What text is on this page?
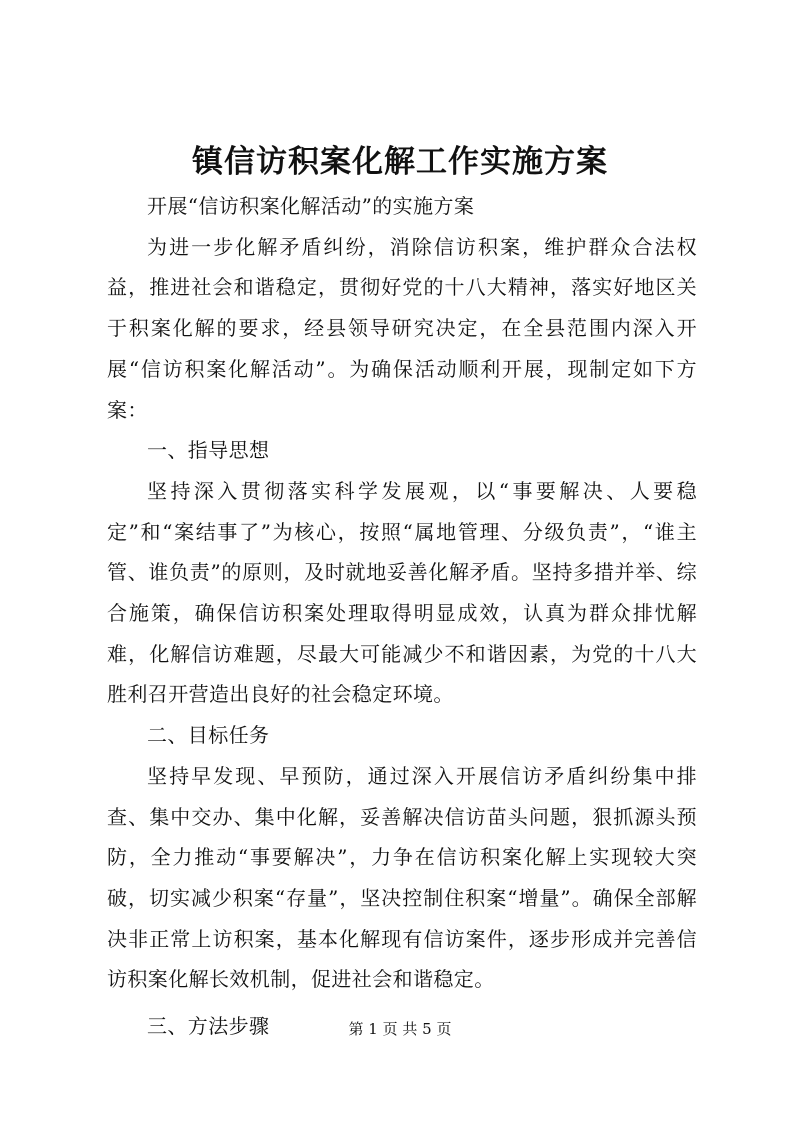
镇信访积案化解工作实施方案

开展“信访积案化解活动”的实施方案

为进一步化解矛盾纠纷，消除信访积案，维护群众合法权益，推进社会和谐稳定，贯彻好党的十八大精神，落实好地区关于积案化解的要求，经县领导研究决定，在全县范围内深入开展“信访积案化解活动”。为确保活动顺利开展，现制定如下方案：

一、指导思想

坚持深入贯彻落实科学发展观，以“事要解决、人要稳定”和“案结事了”为核心，按照“属地管理、分级负责”，“谁主管、谁负责”的原则，及时就地妥善化解矛盾。坚持多措并举、综合施策，确保信访积案处理取得明显成效，认真为群众排忧解难，化解信访难题，尽最大可能减少不和谐因素，为党的十八大胜利召开营造出良好的社会稳定环境。

二、目标任务

坚持早发现、早预防，通过深入开展信访矛盾纠纷集中排查、集中交办、集中化解，妥善解决信访苗头问题，狠抓源头预防，全力推动“事要解决”，力争在信访积案化解上实现较大突破，切实减少积案“存量”，坚决控制住积案“增量”。确保全部解决非正常上访积案，基本化解现有信访案件，逐步形成并完善信访积案化解长效机制，促进社会和谐稳定。

三、方法步骤	第 1 页 共 5 页
